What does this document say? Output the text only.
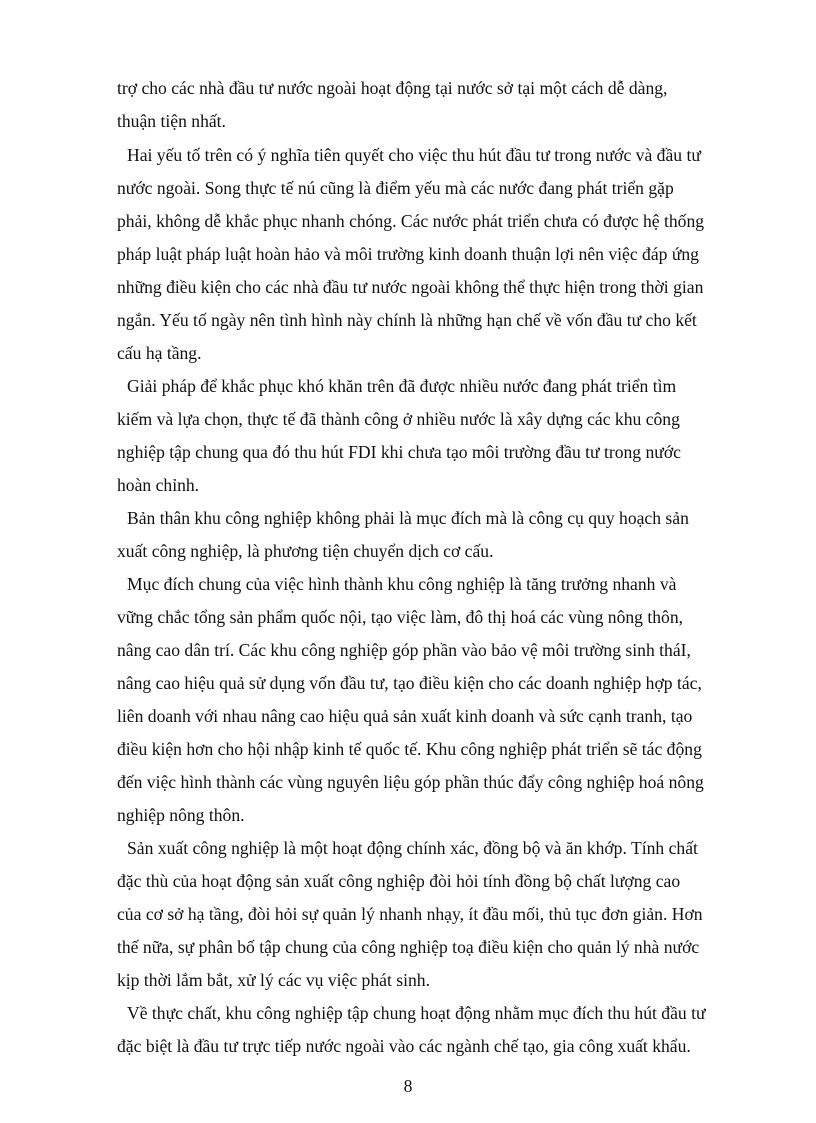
trợ cho các nhà đầu tư nước ngoài hoạt động tại nước sở tại một cách dễ dàng,
thuận tiện nhất.
Hai yếu tố trên có ý nghĩa tiên quyết cho việc thu hút đầu tư trong nước và đầu tư
nước ngoài. Song thực tế nú cũng là điểm yếu mà các nước đang phát triển gặp
phải, không dễ khắc phục nhanh chóng. Các nước phát triển chưa có được hệ thống
pháp luật pháp luật hoàn hảo và môi trường kinh doanh thuận lợi nên việc đáp ứng
những điều kiện cho các nhà đầu tư nước ngoài không thể thực hiện trong thời gian
ngắn. Yếu tố ngày nên tình hình này chính là những hạn chế về vốn đầu tư cho kết
cấu hạ tầng.
Giải pháp để khắc phục khó khăn trên đã được nhiều nước đang phát triển tìm
kiếm và lựa chọn, thực tế đã thành công ở nhiều nước là xây dựng các khu công
nghiệp tập chung qua đó thu hút FDI khi chưa tạo môi trường đầu tư trong nước
hoàn chỉnh.
Bản thân khu công nghiệp không phải là mục đích mà là công cụ quy hoạch sản
xuất công nghiệp, là phương tiện chuyển dịch cơ cấu.
Mục đích chung của việc hình thành khu công nghiệp là tăng trưởng nhanh và
vững chắc tổng sản phẩm quốc nội, tạo việc làm, đô thị hoá các vùng nông thôn,
nâng cao dân trí. Các khu công nghiệp góp phần vào bảo vệ môi trường sinh tháI,
nâng cao hiệu quả sử dụng vốn đầu tư, tạo điều kiện cho các doanh nghiệp hợp tác,
liên doanh với nhau nâng cao hiệu quả sản xuất kinh doanh và sức cạnh tranh, tạo
điều kiện hơn cho hội nhập kinh tế quốc tế. Khu công nghiệp phát triển sẽ tác động
đến việc hình thành các vùng nguyên liệu góp phần thúc đẩy công nghiệp hoá nông
nghiệp nông thôn.
Sản xuất công nghiệp là một hoạt động chính xác, đồng bộ và ăn khớp. Tính chất
đặc thù của hoạt động sản xuất công nghiệp đòi hỏi tính đồng bộ chất lượng cao
của cơ sở hạ tầng, đòi hỏi sự quản lý nhanh nhạy, ít đầu mối, thủ tục đơn giản. Hơn
thế nữa, sự phân bố tập chung của công nghiệp toạ điều kiện cho quản lý nhà nước
kịp thời lắm bắt, xử lý các vụ việc phát sinh.
Về thực chất, khu công nghiệp tập chung hoạt động nhằm mục đích thu hút đầu tư
đặc biệt là đầu tư trực tiếp nước ngoài vào các ngành chế tạo, gia công xuất khẩu.
8
